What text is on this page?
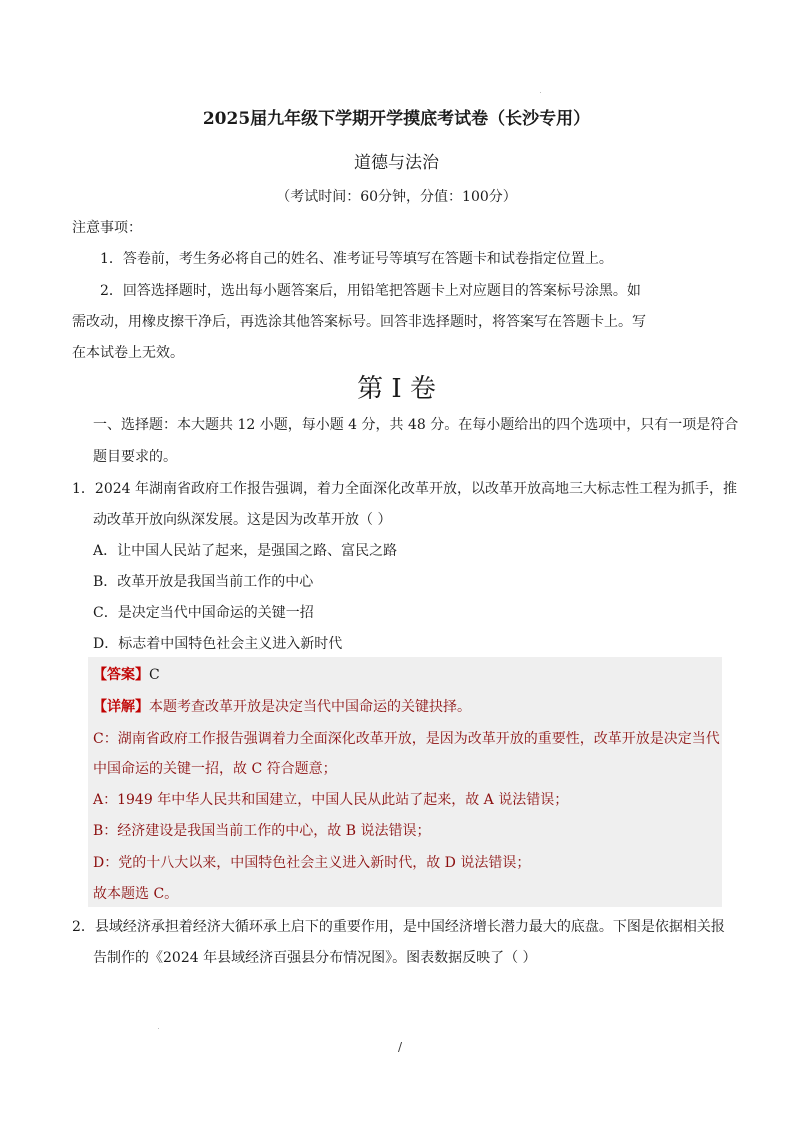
2025届九年级下学期开学摸底考试卷（长沙专用）
道德与法治
（考试时间：60分钟，分值：100分）
注意事项：
1．答卷前，考生务必将自己的姓名、准考证号等填写在答题卡和试卷指定位置上。
2．回答选择题时，选出每小题答案后，用铅笔把答题卡上对应题目的答案标号涂黑。如
需改动，用橡皮擦干净后，再选涂其他答案标号。回答非选择题时，将答案写在答题卡上。写
在本试卷上无效。
第 I 卷
一、选择题：本大题共 12 小题，每小题 4 分，共 48 分。在每小题给出的四个选项中，只有一项是符合
题目要求的。
1．2024 年湖南省政府工作报告强调，着力全面深化改革开放，以改革开放高地三大标志性工程为抓手，推
动改革开放向纵深发展。这是因为改革开放（ ）
A．让中国人民站了起来，是强国之路、富民之路
B．改革开放是我国当前工作的中心
C．是决定当代中国命运的关键一招
D．标志着中国特色社会主义进入新时代
【答案】C
【详解】本题考查改革开放是决定当代中国命运的关键抉择。
C：湖南省政府工作报告强调着力全面深化改革开放，是因为改革开放的重要性，改革开放是决定当代
中国命运的关键一招，故 C 符合题意；
A：1949 年中华人民共和国建立，中国人民从此站了起来，故 A 说法错误；
B：经济建设是我国当前工作的中心，故 B 说法错误；
D：党的十八大以来，中国特色社会主义进入新时代，故 D 说法错误；
故本题选 C。
2．县域经济承担着经济大循环承上启下的重要作用，是中国经济增长潜力最大的底盘。下图是依据相关报
告制作的《2024 年县域经济百强县分布情况图》。图表数据反映了（ ）
/
